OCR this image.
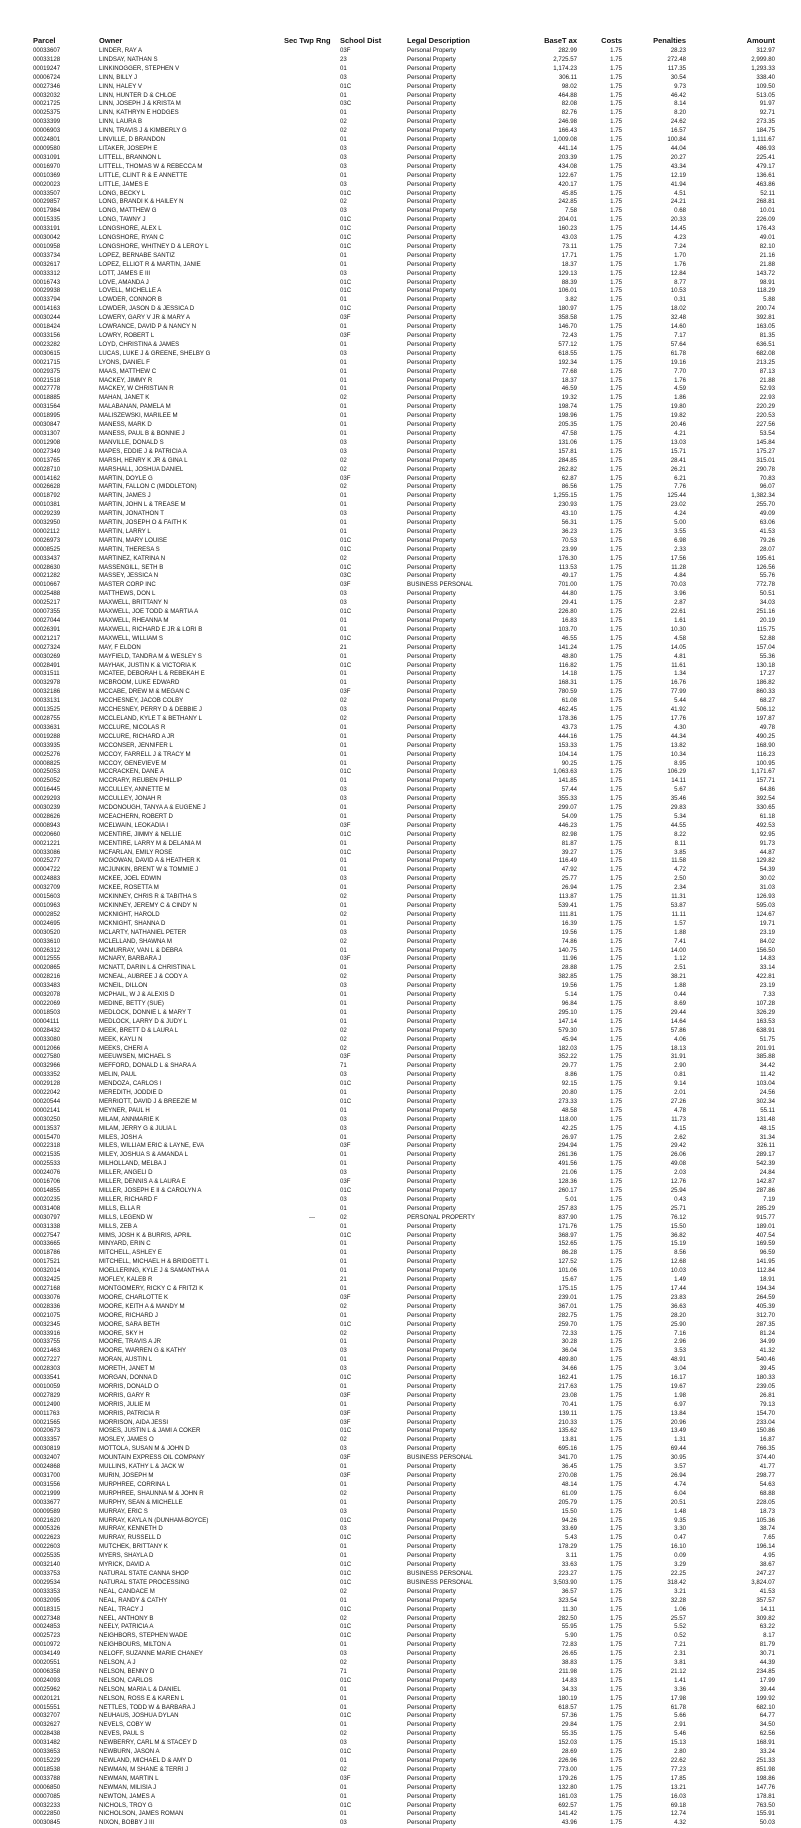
Parcel	Owner	Sec Twp Rng	School Dist	Legal Description	BaseT ax	Costs	Penalties	Amount
00033607	LINDER, RAY A		03F	Personal Property	282.99	1.75	28.23	312.97
00033128	LINDSAY, NATHAN S		23	Personal Property	2,725.57	1.75	272.48	2,999.80
00019247	LINKINOGGER, STEPHEN V		01	Personal Property	1,174.23	1.75	117.35	1,293.33
00006724	LINN, BILLY J		03	Personal Property	306.11	1.75	30.54	338.40
00027346	LINN, HALEY V		01C	Personal Property	98.02	1.75	9.73	109.50
00032032	LINN, HUNTER D & CHLOE		01	Personal Property	464.88	1.75	46.42	513.05
00021725	LINN, JOSEPH J & KRISTA M		03C	Personal Property	82.08	1.75	8.14	91.97
00025375	LINN, KATHRYN E HODGES		01	Personal Property	82.76	1.75	8.20	92.71
00033399	LINN, LAURA B		02	Personal Property	246.98	1.75	24.62	273.35
00006903	LINN, TRAVIS J & KIMBERLY G		02	Personal Property	166.43	1.75	16.57	184.75
00024801	LINVILLE, D BRANDON		01	Personal Property	1,009.08	1.75	100.84	1,111.67
00009580	LITAKER, JOSEPH E		03	Personal Property	441.14	1.75	44.04	486.93
00031091	LITTELL, BRANNON L		03	Personal Property	203.39	1.75	20.27	225.41
00016970	LITTELL, THOMAS W & REBECCA M		03	Personal Property	434.08	1.75	43.34	479.17
00010369	LITTLE, CLINT R & E ANNETTE		01	Personal Property	122.67	1.75	12.19	136.61
00020023	LITTLE, JAMES E		03	Personal Property	420.17	1.75	41.94	463.86
00033507	LONG, BECKY L		01C	Personal Property	45.85	1.75	4.51	52.11
00029857	LONG, BRANDI K & HAILEY N		02	Personal Property	242.85	1.75	24.21	268.81
00017984	LONG, MATTHEW G		03	Personal Property	7.58	1.75	0.68	10.01
00015335	LONG, TAWNY J		01C	Personal Property	204.01	1.75	20.33	226.09
00033191	LONGSHORE, ALEX L		01C	Personal Property	160.23	1.75	14.45	176.43
00030042	LONGSHORE, RYAN C		01C	Personal Property	43.03	1.75	4.23	49.01
00010958	LONGSHORE, WHITNEY D & LEROY L		01C	Personal Property	73.11	1.75	7.24	82.10
00033734	LOPEZ, BERNABE SANTIZ		01	Personal Property	17.71	1.75	1.70	21.16
00032617	LOPEZ, ELLIOT R & MARTIN, JANIE		01	Personal Property	18.37	1.75	1.76	21.88
00033312	LOTT, JAMES E III		03	Personal Property	129.13	1.75	12.84	143.72
00016743	LOVE, AMANDA J		01C	Personal Property	88.39	1.75	8.77	98.91
00029938	LOVELL, MICHELLE A		01C	Personal Property	106.01	1.75	10.53	118.29
00033794	LOWDER, CONNOR B		01	Personal Property	3.82	1.75	0.31	5.88
00014163	LOWDER, JASON D & JESSICA D		01C	Personal Property	180.97	1.75	18.02	200.74
00030244	LOWERY, GARY V JR & MARY A		03F	Personal Property	358.58	1.75	32.48	392.81
00018424	LOWRANCE, DAVID P & NANCY N		01	Personal Property	146.70	1.75	14.60	163.05
00033156	LOWRY, ROBERT L		03F	Personal Property	72.43	1.75	7.17	81.35
00023282	LOYD, CHRISTINA & JAMES		01	Personal Property	577.12	1.75	57.64	636.51
00030615	LUCAS, LUKE J & GREENE, SHELBY G		03	Personal Property	618.55	1.75	61.78	682.08
00021715	LYONS, DANIEL F		01	Personal Property	192.34	1.75	19.16	213.25
00029375	MAAS, MATTHEW C		01	Personal Property	77.68	1.75	7.70	87.13
00021518	MACKEY, JIMMY R		01	Personal Property	18.37	1.75	1.76	21.88
00027778	MACKEY, W CHRISTIAN R		01	Personal Property	46.59	1.75	4.59	52.93
00018885	MAHAN, JANET K		02	Personal Property	19.32	1.75	1.86	22.93
00031564	MALABANAN, PAMELA M		01	Personal Property	198.74	1.75	19.80	220.29
00018995	MALISZEWSKI, MARILEE M		01	Personal Property	198.96	1.75	19.82	220.53
00030847	MANESS, MARK D		01	Personal Property	205.35	1.75	20.46	227.56
00031307	MANESS, PAUL B & BONNIE J		01	Personal Property	47.58	1.75	4.21	53.54
00012908	MANVILLE, DONALD S		03	Personal Property	131.06	1.75	13.03	145.84
00027349	MAPES, EDDIE J & PATRICIA A		03	Personal Property	157.81	1.75	15.71	175.27
00013765	MARSH, HENRY K JR & GINA L		02	Personal Property	284.85	1.75	28.41	315.01
00028710	MARSHALL, JOSHUA DANIEL		02	Personal Property	262.82	1.75	26.21	290.78
00014162	MARTIN, DOYLE G		03F	Personal Property	62.87	1.75	6.21	70.83
00026628	MARTIN, FALLON C (MIDDLETON)		02	Personal Property	86.56	1.75	7.76	96.07
00018792	MARTIN, JAMES J		01	Personal Property	1,255.15	1.75	125.44	1,382.34
00010381	MARTIN, JOHN L & TREASE M		01	Personal Property	230.93	1.75	23.02	255.70
00029239	MARTIN, JONATHON T		03	Personal Property	43.10	1.75	4.24	49.09
00032950	MARTIN, JOSEPH O & FAITH K		01	Personal Property	56.31	1.75	5.00	63.06
00002112	MARTIN, LARRY L		01	Personal Property	36.23	1.75	3.55	41.53
00026973	MARTIN, MARY LOUISE		01C	Personal Property	70.53	1.75	6.98	79.26
00008525	MARTIN, THERESA S		01C	Personal Property	23.99	1.75	2.33	28.07
00033437	MARTINEZ, KATRINA N		02	Personal Property	176.30	1.75	17.56	195.61
00028630	MASSENGILL, SETH B		01C	Personal Property	113.53	1.75	11.28	126.56
00021282	MASSEY, JESSICA N		03C	Personal Property	49.17	1.75	4.84	55.76
00010667	MASTER CORP INC		03F	BUSINESS PERSONAL	701.00	1.75	70.03	772.78
00025488	MATTHEWS, DON L		03	Personal Property	44.80	1.75	3.96	50.51
00025217	MAXWELL, BRITTANY N		03	Personal Property	29.41	1.75	2.87	34.03
00007355	MAXWELL, JOE TODD & MARTIA A		01C	Personal Property	226.80	1.75	22.61	251.16
00027044	MAXWELL, RHEANNA M		01	Personal Property	16.83	1.75	1.61	20.19
00026391	MAXWELL, RICHARD E JR & LORI B		01	Personal Property	103.70	1.75	10.30	115.75
00021217	MAXWELL, WILLIAM S		01C	Personal Property	46.55	1.75	4.58	52.88
00027324	MAY, F ELDON		21	Personal Property	141.24	1.75	14.05	157.04
00030269	MAYFIELD, TANDRA M & WESLEY S		01	Personal Property	48.80	1.75	4.81	55.36
00028491	MAYHAK, JUSTIN K & VICTORIA K		01C	Personal Property	116.82	1.75	11.61	130.18
00031511	MCATEE, DEBORAH L & REBEKAH E		01	Personal Property	14.18	1.75	1.34	17.27
00032978	MCBROOM, LUKE EDWARD		01	Personal Property	168.31	1.75	16.76	186.82
00032186	MCCABE, DREW M & MEGAN C		03F	Personal Property	780.59	1.75	77.99	860.33
00033131	MCCHESNEY, JACOB COLBY		02	Personal Property	61.08	1.75	5.44	68.27
00013525	MCCHESNEY, PERRY D & DEBBIE J		03	Personal Property	462.45	1.75	41.92	506.12
00028755	MCCLELAND, KYLE T & BETHANY L		02	Personal Property	178.36	1.75	17.76	197.87
00033631	MCCLURE, NICOLAS R		01	Personal Property	43.73	1.75	4.30	49.78
00019288	MCCLURE, RICHARD A JR		01	Personal Property	444.16	1.75	44.34	490.25
00033935	MCCONSER, JENNIFER L		01	Personal Property	153.33	1.75	13.82	168.90
00025276	MCCOY, FARRELL J & TRACY M		01	Personal Property	104.14	1.75	10.34	116.23
00008825	MCCOY, GENEVIEVE M		01	Personal Property	90.25	1.75	8.95	100.95
00025053	MCCRACKEN, DANE A		01C	Personal Property	1,063.63	1.75	106.29	1,171.67
00025052	MCCRARY, REUBEN PHILLIP		01	Personal Property	141.85	1.75	14.11	157.71
00016445	MCCULLEY, ANNETTE M		03	Personal Property	57.44	1.75	5.67	64.86
00029293	MCCULLEY, JONAH R		03	Personal Property	355.33	1.75	35.46	392.54
00030239	MCDONOUGH, TANYA A & EUGENE J		01	Personal Property	299.07	1.75	29.83	330.65
00028626	MCEACHERN, ROBERT D		01	Personal Property	54.09	1.75	5.34	61.18
00008943	MCELWAIN, LEOKADIA I		03F	Personal Property	446.23	1.75	44.55	492.53
00020660	MCENTIRE, JIMMY & NELLIE		01C	Personal Property	82.98	1.75	8.22	92.95
00021221	MCENTIRE, LARRY M & DELANIA M		01	Personal Property	81.87	1.75	8.11	91.73
00033086	MCFARLAN, EMILY ROSE		01C	Personal Property	39.27	1.75	3.85	44.87
00025277	MCGOWAN, DAVID A & HEATHER K		01	Personal Property	116.49	1.75	11.58	129.82
00004722	MCJUNKIN, BRENT W & TOMMIE J		01	Personal Property	47.92	1.75	4.72	54.39
00024883	MCKEE, JOEL EDWIN		03	Personal Property	25.77	1.75	2.50	30.02
00032709	MCKEE, ROSETTA M		01	Personal Property	26.94	1.75	2.34	31.03
00015603	MCKINNEY, CHRIS R & TABITHA S		02	Personal Property	113.87	1.75	11.31	126.93
00010963	MCKINNEY, JEREMY C & CINDY N		01	Personal Property	539.41	1.75	53.87	595.03
00002852	MCKNIGHT, HAROLD		02	Personal Property	111.81	1.75	11.11	124.67
00024695	MCKNIGHT, SHANNA D		01	Personal Property	16.39	1.75	1.57	19.71
00030520	MCLARTY, NATHANIEL PETER		03	Personal Property	19.56	1.75	1.88	23.19
00033610	MCLELLAND, SHAWNA M		02	Personal Property	74.86	1.75	7.41	84.02
00026312	MCMURRAY, VAN L & DEBRA		01	Personal Property	140.75	1.75	14.00	156.50
00012555	MCNARY, BARBARA J		03F	Personal Property	11.96	1.75	1.12	14.83
00020865	MCNATT, DARIN L & CHRISTINA L		01	Personal Property	28.88	1.75	2.51	33.14
00028216	MCNEAL, AUBREE J & CODY A		02	Personal Property	382.85	1.75	38.21	422.81
00033483	MCNEIL, DILLON		03	Personal Property	19.56	1.75	1.88	23.19
00032078	MCPHAIL, W J & ALEXIS D		01	Personal Property	5.14	1.75	0.44	7.33
00022069	MEDINE, BETTY (SUE)		01	Personal Property	96.84	1.75	8.69	107.28
00018503	MEDLOCK, DONNIE L & MARY T		01	Personal Property	295.10	1.75	29.44	326.29
00004111	MEDLOCK, LARRY D & JUDY L		01	Personal Property	147.14	1.75	14.64	163.53
00028432	MEEK, BRETT D & LAURA L		02	Personal Property	579.30	1.75	57.86	638.91
00033080	MEEK, KAYLI N		02	Personal Property	45.94	1.75	4.06	51.75
00012066	MEEKS, CHERI A		02	Personal Property	182.03	1.75	18.13	201.91
00027580	MEEUWSEN, MICHAEL S		03F	Personal Property	352.22	1.75	31.91	385.88
00032966	MEFFORD, DONALD L & SHARA A		71	Personal Property	29.77	1.75	2.90	34.42
00033352	MELIN, PAUL		03	Personal Property	8.86	1.75	0.81	11.42
00029128	MENDOZA, CARLOS I		01C	Personal Property	92.15	1.75	9.14	103.04
00022042	MEREDITH, JODDIE D		01	Personal Property	20.80	1.75	2.01	24.56
00020544	MERRIOTT, DAVID J & BREEZIE M		01C	Personal Property	273.33	1.75	27.26	302.34
00002141	MEYNER, PAUL H		01	Personal Property	48.58	1.75	4.78	55.11
00030250	MILAM, ANNMARIE K		03	Personal Property	118.00	1.75	11.73	131.48
00013537	MILAM, JERRY G & JULIA L		03	Personal Property	42.25	1.75	4.15	48.15
00015470	MILES, JOSH A		01	Personal Property	26.97	1.75	2.62	31.34
00022318	MILES, WILLIAM ERIC & LAYNE, EVA		03F	Personal Property	294.94	1.75	29.42	326.11
00021535	MILEY, JOSHUA S & AMANDA L		01	Personal Property	261.36	1.75	26.06	289.17
00025533	MILHOLLAND, MELBA J		01	Personal Property	491.56	1.75	49.08	542.39
00024076	MILLER, ANGELI D		03	Personal Property	21.06	1.75	2.03	24.84
00016706	MILLER, DENNIS A & LAURA E		03F	Personal Property	128.36	1.75	12.76	142.87
00014855	MILLER, JOSEPH E II & CAROLYN A		01C	Personal Property	260.17	1.75	25.94	287.86
00020235	MILLER, RICHARD F		03	Personal Property	5.01	1.75	0.43	7.19
00031408	MILLS, ELLA R		01	Personal Property	257.83	1.75	25.71	285.29
00030797	MILLS, LEGEND W	---	02	PERSONAL PROPERTY	837.90	1.75	76.12	915.77
00031338	MILLS, ZEB A		01	Personal Property	171.76	1.75	15.50	189.01
00027547	MIMS, JOSH K & BURRIS, APRIL		01C	Personal Property	368.97	1.75	36.82	407.54
00033665	MINYARD, ERIN C		01	Personal Property	152.65	1.75	15.19	169.59
00018786	MITCHELL, ASHLEY E		01	Personal Property	86.28	1.75	8.56	96.59
00017521	MITCHELL, MICHAEL H & BRIDGETT L		01	Personal Property	127.52	1.75	12.68	141.95
00032014	MOELLERING, KYLE J & SAMANTHA A		01	Personal Property	101.06	1.75	10.03	112.84
00032425	MOFLEY, KALEB R		21	Personal Property	15.67	1.75	1.49	18.91
00027168	MONTGOMERY, RICKY C & FRITZI K		01	Personal Property	175.15	1.75	17.44	194.34
00033076	MOORE, CHARLOTTE K		03F	Personal Property	239.01	1.75	23.83	264.59
00028336	MOORE, KEITH A & MANDY M		02	Personal Property	367.01	1.75	36.63	405.39
00021075	MOORE, RICHARD J		01	Personal Property	282.75	1.75	28.20	312.70
00032345	MOORE, SARA BETH		01C	Personal Property	259.70	1.75	25.90	287.35
00033916	MOORE, SKY H		02	Personal Property	72.33	1.75	7.16	81.24
00033755	MOORE, TRAVIS A JR		01	Personal Property	30.28	1.75	2.96	34.99
00021463	MOORE, WARREN G & KATHY		03	Personal Property	36.04	1.75	3.53	41.32
00027227	MORAN, AUSTIN L		01	Personal Property	489.80	1.75	48.91	540.46
00028303	MORETH, JANET M		03	Personal Property	34.66	1.75	3.04	39.45
00033541	MORGAN, DONNA D		01C	Personal Property	162.41	1.75	16.17	180.33
00010059	MORRIS, DONALD O		01	Personal Property	217.63	1.75	19.67	239.05
00027829	MORRIS, GARY R		03F	Personal Property	23.08	1.75	1.98	26.81
00012490	MORRIS, JULIE M		01	Personal Property	70.41	1.75	6.97	79.13
00011763	MORRIS, PATRICIA R		03F	Personal Property	139.11	1.75	13.84	154.70
00021565	MORRISON, AIDA JESSI		03F	Personal Property	210.33	1.75	20.96	233.04
00020673	MOSES, JUSTIN L & JAMI A COKER		01C	Personal Property	135.62	1.75	13.49	150.86
00033357	MOSLEY, JAMES O		02	Personal Property	13.81	1.75	1.31	16.87
00030819	MOTTOLA, SUSAN M & JOHN D		03	Personal Property	695.16	1.75	69.44	766.35
00032407	MOUNTAIN EXPRESS OIL COMPANY		03F	BUSINESS PERSONAL	341.70	1.75	30.95	374.40
00024868	MULLINS, KATHY L & JACK W		01	Personal Property	36.45	1.75	3.57	41.77
00031700	MURIN, JOSEPH M		03F	Personal Property	270.08	1.75	26.94	298.77
00031556	MURPHREE, CORRINA L		01	Personal Property	48.14	1.75	4.74	54.63
00021999	MURPHREE, SHAUNNA M & JOHN R		02	Personal Property	61.09	1.75	6.04	68.88
00033677	MURPHY, SEAN & MICHELLE		01	Personal Property	205.79	1.75	20.51	228.05
00009589	MURRAY, ERIC S		03	Personal Property	15.50	1.75	1.48	18.73
00021620	MURRAY, KAYLA N (DUNHAM-BOYCE)		01C	Personal Property	94.26	1.75	9.35	105.36
00005326	MURRAY, KENNETH D		03	Personal Property	33.69	1.75	3.30	38.74
00022623	MURRAY, RUSSELL D		01C	Personal Property	5.43	1.75	0.47	7.65
00022603	MUTCHEK, BRITTANY K		01	Personal Property	178.29	1.75	16.10	196.14
00025535	MYERS, SHAYLA D		01	Personal Property	3.11	1.75	0.09	4.95
00032140	MYRICK, DAVID A		01C	Personal Property	33.63	1.75	3.29	38.67
00033753	NATURAL STATE CANNA SHOP		01C	BUSINESS PERSONAL	223.27	1.75	22.25	247.27
00029534	NATURAL STATE PROCESSING		01C	BUSINESS PERSONAL	3,503.90	1.75	318.42	3,824.07
00033353	NEAL, CANDACE M		02	Personal Property	36.57	1.75	3.21	41.53
00032095	NEAL, RANDY & CATHY		01	Personal Property	323.54	1.75	32.28	357.57
00018315	NEAL, TRACY J		01C	Personal Property	11.30	1.75	1.06	14.11
00027348	NEEL, ANTHONY B		02	Personal Property	282.50	1.75	25.57	309.82
00024853	NEELY, PATRICIA A		01C	Personal Property	55.95	1.75	5.52	63.22
00025723	NEIGHBORS, STEPHEN WADE		01C	Personal Property	5.90	1.75	0.52	8.17
00010972	NEIGHBOURS, MILTON A		01	Personal Property	72.83	1.75	7.21	81.79
00034149	NELOFF, SUZANNE MARIE CHANEY		03	Personal Property	26.65	1.75	2.31	30.71
00020551	NELSON, A J		02	Personal Property	38.83	1.75	3.81	44.39
00006358	NELSON, BENNY D		71	Personal Property	211.98	1.75	21.12	234.85
00024093	NELSON, CARLOS		01C	Personal Property	14.83	1.75	1.41	17.99
00025962	NELSON, MARIA L & DANIEL		01	Personal Property	34.33	1.75	3.36	39.44
00020121	NELSON, ROSS E & KAREN L		01	Personal Property	180.19	1.75	17.98	199.92
00015551	NETTLES, TODD W & BARBARA J		01	Personal Property	618.57	1.75	61.78	682.10
00032707	NEUHAUS, JOSHUA DYLAN		01C	Personal Property	57.36	1.75	5.66	64.77
00032627	NEVELS, COBY W		01	Personal Property	29.84	1.75	2.91	34.50
00028438	NEVES, PAUL S		02	Personal Property	55.35	1.75	5.46	62.56
00031482	NEWBERRY, CARL M & STACEY D		03	Personal Property	152.03	1.75	15.13	168.91
00033653	NEWBURN, JASON A		01C	Personal Property	28.69	1.75	2.80	33.24
00015229	NEWLAND, MICHAEL D & AMY D		01	Personal Property	226.96	1.75	22.62	251.33
00018538	NEWMAN, M SHANE & TERRI J		02	Personal Property	773.00	1.75	77.23	851.98
00033788	NEWMAN, MARTIN L		03F	Personal Property	179.26	1.75	17.85	198.86
00006850	NEWMAN, MILISIA J		01	Personal Property	132.80	1.75	13.21	147.76
00007085	NEWTON, JAMES A		01	Personal Property	161.03	1.75	16.03	178.81
00032233	NICHOLS, TROY G		01C	Personal Property	692.57	1.75	69.18	763.50
00022850	NICHOLSON, JAMES ROMAN		01	Personal Property	141.42	1.75	12.74	155.91
00030845	NIXON, BOBBY J III		03	Personal Property	43.96	1.75	4.32	50.03
